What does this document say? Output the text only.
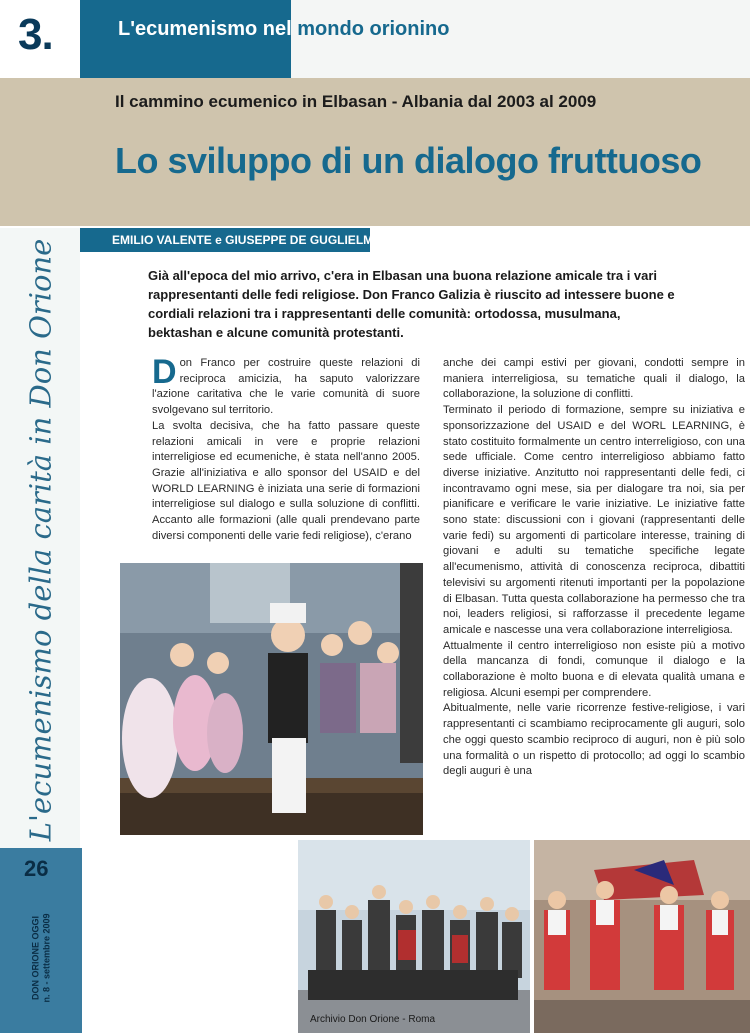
3.
L'ecumenismo della carità in Don Orione
26
DON ORIONE OGGI n. 8 - settembre 2009
L'ecumenismo nel mondo orionino
Il cammino ecumenico in Elbasan - Albania dal 2003 al 2009
Lo sviluppo di un dialogo fruttuoso
EMILIO VALENTE e GIUSEPPE DE GUGLIELMO
Già all'epoca del mio arrivo, c'era in Elbasan una buona relazione amicale tra i vari rappresentanti delle fedi religiose. Don Franco Galizia è riuscito ad intessere buone e cordiali relazioni tra i rappresentanti delle comunità: ortodossa, musulmana, bektashan e alcune comunità protestanti.

Don Franco per costruire queste relazioni di reciproca amicizia, ha saputo valorizzare l'azione caritativa che le varie comunità di suore svolgevano sul territorio.

La svolta decisiva, che ha fatto passare queste relazioni amicali in vere e proprie relazioni interreligiose ed ecumeniche, è stata nell'anno 2005. Grazie all'iniziativa e allo sponsor del USAID e del WORLD LEARNING è iniziata una serie di formazioni interreligiose sul dialogo e sulla soluzione di conflitti. Accanto alle formazioni (alle quali prendevano parte diversi componenti delle varie fedi religiose), c'erano

anche dei campi estivi per giovani, condotti sempre in maniera interreligiosa, su tematiche quali il dialogo, la collaborazione, la soluzione di conflitti.

Terminato il periodo di formazione, sempre su iniziativa e sponsorizzazione del USAID e del WORL LEARNING, è stato costituito formalmente un centro interreligioso, con una sede ufficiale. Come centro interreligioso abbiamo fatto diverse iniziative. Anzitutto noi rappresentanti delle fedi, ci incontravamo ogni mese, sia per dialogare tra noi, sia per pianificare e verificare le varie iniziative. Le iniziative fatte sono state: discussioni con i giovani (rappresentanti delle varie fedi) su argomenti di particolare interesse, training di giovani e adulti su tematiche specifiche legate all'ecumenismo, attività di conoscenza reciproca, dibattiti televisivi su argomenti ritenuti importanti per la popolazione di Elbasan. Tutta questa collaborazione ha permesso che tra noi, leaders religiosi, si rafforzasse il precedente legame amicale e nascesse una vera collaborazione interreligiosa.

Attualmente il centro interreligioso non esiste più a motivo della mancanza di fondi, comunque il dialogo e la collaborazione è molto buona e di elevata qualità umana e religiosa. Alcuni esempi per comprendere.

Abitualmente, nelle varie ricorrenze festive-religiose, i vari rappresentanti ci scambiamo reciprocamente gli auguri, solo che oggi questo scambio reciproco di auguri, non è più solo una formalità o un rispetto di protocollo; ad oggi lo scambio degli auguri è una

Nelle foto:
Attività con bambini e giovani delle diverse fedi presenti in Albania.
Archivio Don Orione - Roma
